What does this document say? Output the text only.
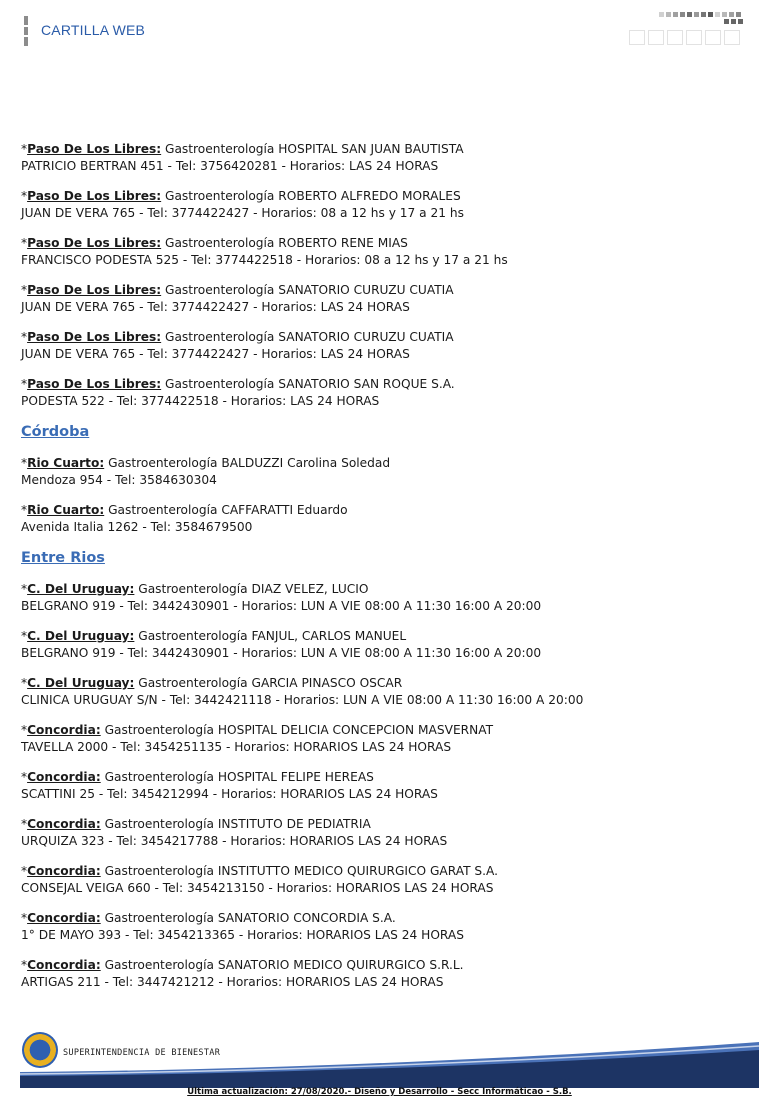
CARTILLA WEB
*Paso De Los Libres: Gastroenterología HOSPITAL SAN JUAN BAUTISTA
PATRICIO BERTRAN 451 - Tel: 3756420281 - Horarios: LAS 24 HORAS
*Paso De Los Libres: Gastroenterología ROBERTO ALFREDO MORALES
JUAN DE VERA 765 - Tel: 3774422427 - Horarios: 08 a 12 hs y 17 a 21 hs
*Paso De Los Libres: Gastroenterología ROBERTO RENE MIAS
FRANCISCO PODESTA 525 - Tel: 3774422518 - Horarios: 08 a 12 hs y 17 a 21 hs
*Paso De Los Libres: Gastroenterología SANATORIO CURUZU CUATIA
JUAN DE VERA 765 - Tel: 3774422427 - Horarios: LAS 24 HORAS
*Paso De Los Libres: Gastroenterología SANATORIO CURUZU CUATIA
JUAN DE VERA 765 - Tel: 3774422427 - Horarios: LAS 24 HORAS
*Paso De Los Libres: Gastroenterología SANATORIO SAN ROQUE S.A.
PODESTA 522 - Tel: 3774422518 - Horarios: LAS 24 HORAS
Córdoba
*Rio Cuarto: Gastroenterología BALDUZZI Carolina Soledad
Mendoza 954 - Tel: 3584630304
*Rio Cuarto: Gastroenterología CAFFARATTI Eduardo
Avenida Italia 1262 - Tel: 3584679500
Entre Rios
*C. Del Uruguay: Gastroenterología DIAZ VELEZ, LUCIO
BELGRANO 919 - Tel: 3442430901 - Horarios: LUN A VIE 08:00 A 11:30 16:00 A 20:00
*C. Del Uruguay: Gastroenterología FANJUL, CARLOS MANUEL
BELGRANO 919 - Tel: 3442430901 - Horarios: LUN A VIE 08:00 A 11:30 16:00 A 20:00
*C. Del Uruguay: Gastroenterología GARCIA PINASCO OSCAR
CLINICA URUGUAY S/N - Tel: 3442421118 - Horarios: LUN A VIE 08:00 A 11:30 16:00 A 20:00
*Concordia: Gastroenterología HOSPITAL DELICIA CONCEPCION MASVERNAT
TAVELLA 2000 - Tel: 3454251135 - Horarios: HORARIOS LAS 24 HORAS
*Concordia: Gastroenterología HOSPITAL FELIPE HEREAS
SCATTINI 25 - Tel: 3454212994 - Horarios: HORARIOS LAS 24 HORAS
*Concordia: Gastroenterología INSTITUTO DE PEDIATRIA
URQUIZA 323 - Tel: 3454217788 - Horarios: HORARIOS LAS 24 HORAS
*Concordia: Gastroenterología INSTITUTTO MEDICO QUIRURGICO GARAT S.A.
CONSEJAL VEIGA 660 - Tel: 3454213150 - Horarios: HORARIOS LAS 24 HORAS
*Concordia: Gastroenterología SANATORIO CONCORDIA S.A.
1° DE MAYO 393 - Tel: 3454213365 - Horarios: HORARIOS LAS 24 HORAS
*Concordia: Gastroenterología SANATORIO MEDICO QUIRURGICO S.R.L.
ARTIGAS 211 - Tel: 3447421212 - Horarios: HORARIOS LAS 24 HORAS
SUPERINTENDENCIA DE BIENESTAR
Ultima actualización: 27/08/2020.- Diseño y Desarrollo - Secc Informáticao - S.B.
